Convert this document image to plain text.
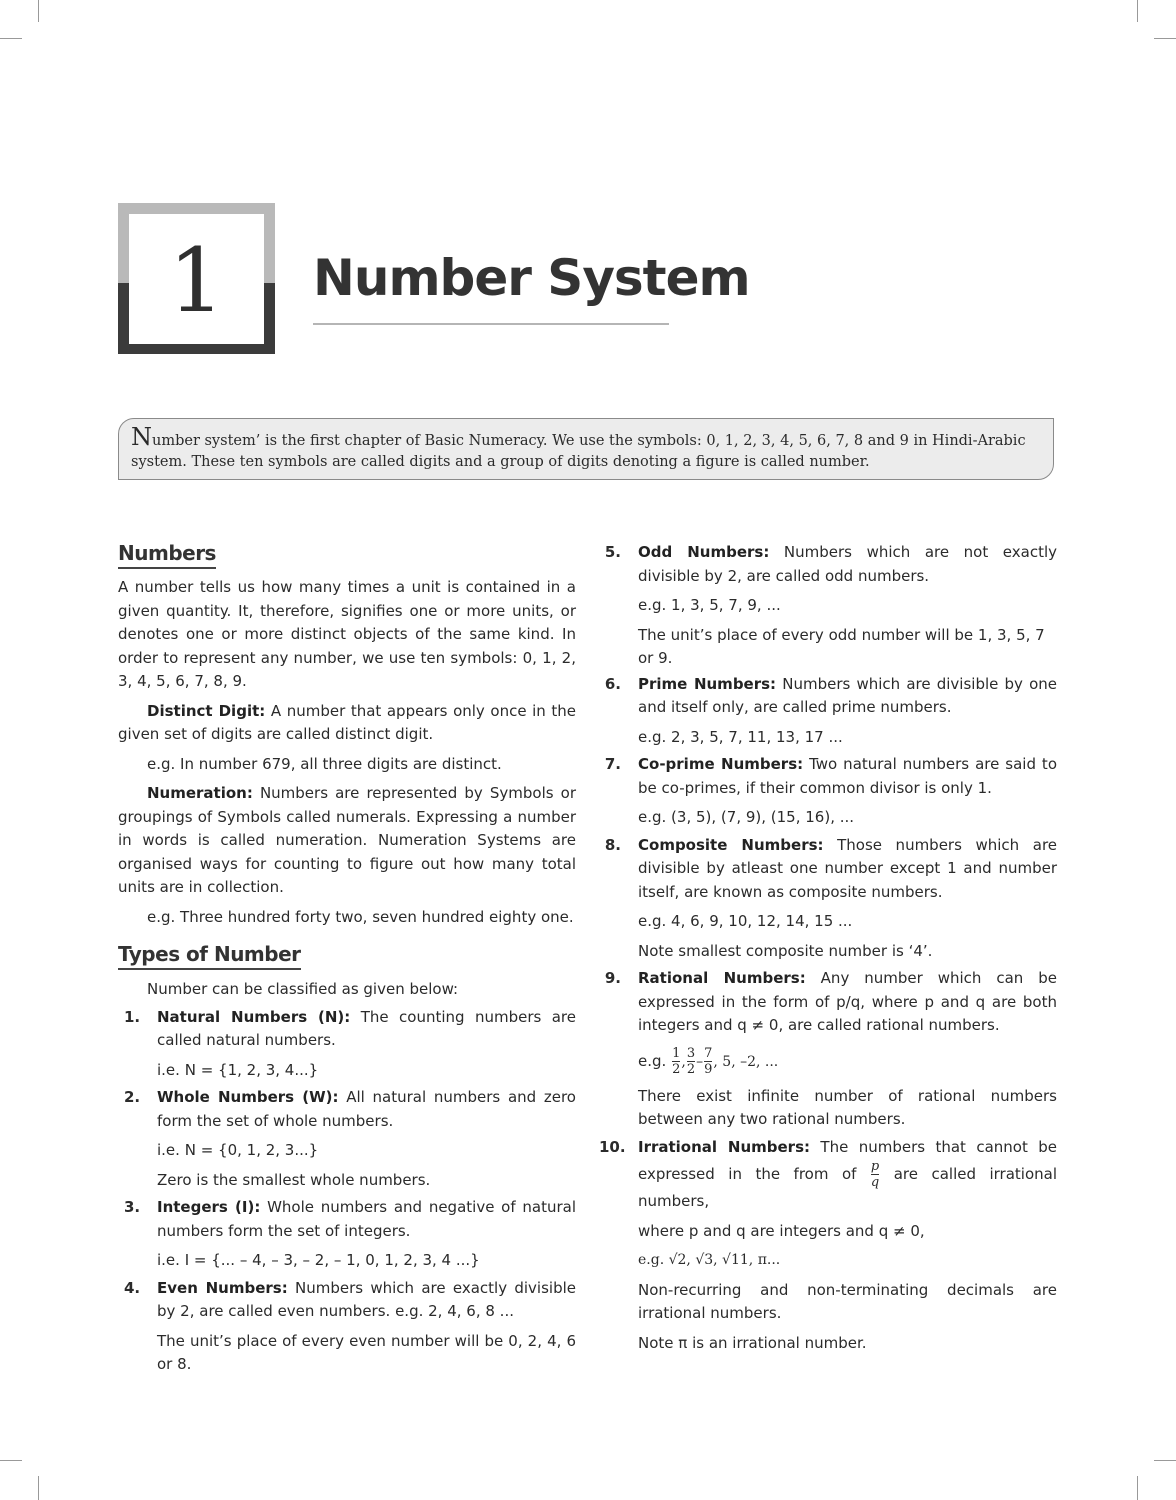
1	Number System
Number system’ is the first chapter of Basic Numeracy. We use the symbols: 0, 1, 2, 3, 4, 5, 6, 7, 8 and 9 in Hindi-Arabic system. These ten symbols are called digits and a group of digits denoting a figure is called number.
Numbers

A number tells us how many times a unit is contained in a given quantity. It, therefore, signifies one or more units, or denotes one or more distinct objects of the same kind. In order to represent any number, we use ten symbols: 0, 1, 2, 3, 4, 5, 6, 7, 8, 9.

Distinct Digit: A number that appears only once in the given set of digits are called distinct digit.

e.g. In number 679, all three digits are distinct.

Numeration: Numbers are represented by Symbols or groupings of Symbols called numerals. Expressing a number in words is called numeration. Numeration Systems are organised ways for counting to figure out how many total units are in collection.

e.g. Three hundred forty two, seven hundred eighty one.

Types of Number

Number can be classified as given below:

1. Natural Numbers (N): The counting numbers are called natural numbers.

i.e. N = {1, 2, 3, 4...}

2. Whole Numbers (W): All natural numbers and zero form the set of whole numbers.

i.e. N = {0, 1, 2, 3...}

Zero is the smallest whole numbers.

3. Integers (I): Whole numbers and negative of natural numbers form the set of integers.

i.e. I = {... – 4, – 3, – 2, – 1, 0, 1, 2, 3, 4 ...}

4. Even Numbers: Numbers which are exactly divisible by 2, are called even numbers. e.g. 2, 4, 6, 8 ...

The unit’s place of every even number will be 0, 2, 4, 6 or 8.

5. Odd Numbers: Numbers which are not exactly divisible by 2, are called odd numbers.

e.g. 1, 3, 5, 7, 9, ...

The unit’s place of every odd number will be 1, 3, 5, 7 or 9.

6. Prime Numbers: Numbers which are divisible by one and itself only, are called prime numbers.

e.g. 2, 3, 5, 7, 11, 13, 17 ...

7. Co-prime Numbers: Two natural numbers are said to be co-primes, if their common divisor is only 1.

e.g. (3, 5), (7, 9), (15, 16), ...

8. Composite Numbers: Those numbers which are divisible by atleast one number except 1 and number itself, are known as composite numbers.

e.g. 4, 6, 9, 10, 12, 14, 15 ...

Note smallest composite number is ‘4’.

9. Rational Numbers: Any number which can be expressed in the form of p/q, where p and q are both integers and q ≠ 0, are called rational numbers.

e.g. $\frac{1}{2}$ , $\frac{3}{2} - \frac{7}{9}$ , 5, –2, ...

There exist infinite number of rational numbers between any two rational numbers.

10. Irrational Numbers: The numbers that cannot be expressed in the from of $\frac{p}{q}$ are called irrational numbers,

where p and q are integers and q ≠ 0,

e.g. √2, √3, √11, π...

Non-recurring and non-terminating decimals are irrational numbers.

Note π is an irrational number.
